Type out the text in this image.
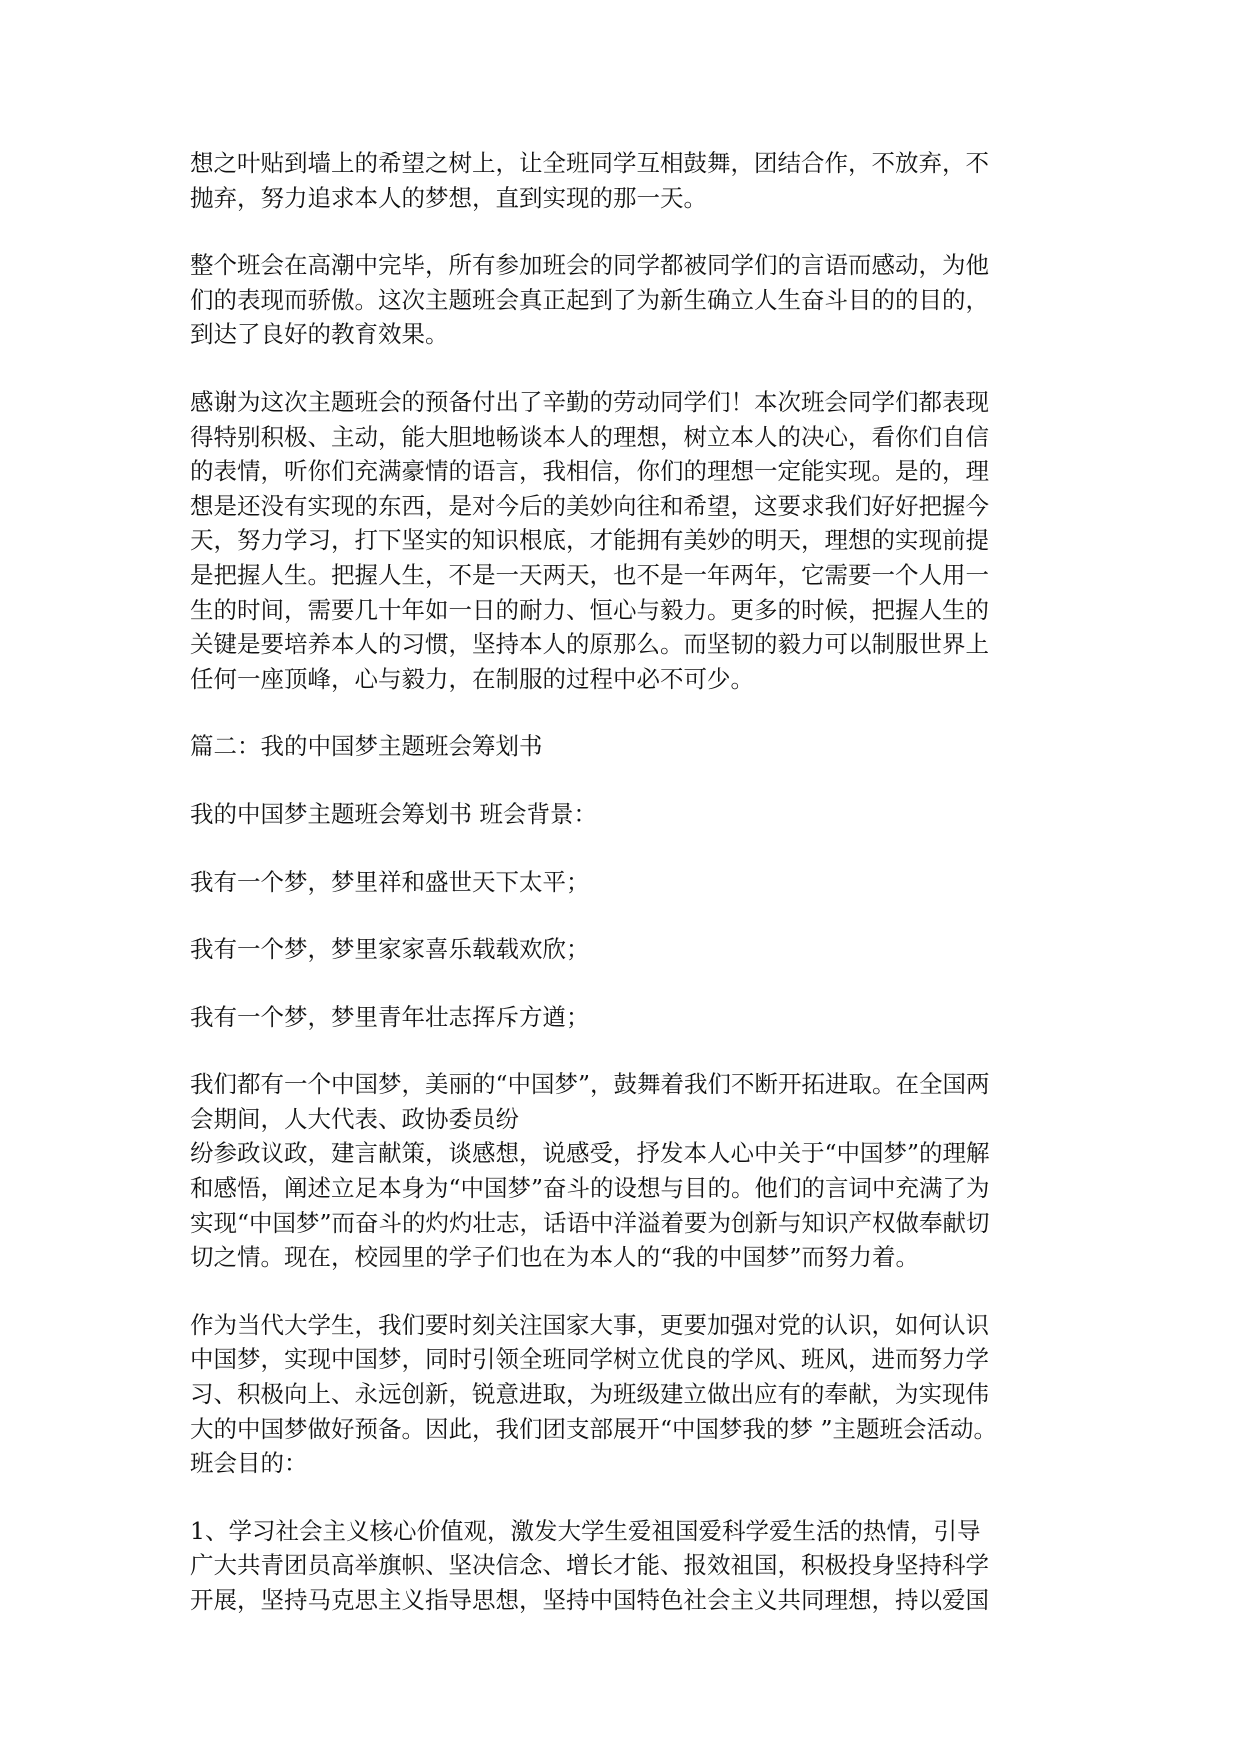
想之叶贴到墙上的希望之树上，让全班同学互相鼓舞，团结合作，不放弃，不
抛弃，努力追求本人的梦想，直到实现的那一天。

整个班会在高潮中完毕，所有参加班会的同学都被同学们的言语而感动，为他
们的表现而骄傲。这次主题班会真正起到了为新生确立人生奋斗目的的目的，
到达了良好的教育效果。

感谢为这次主题班会的预备付出了辛勤的劳动同学们！本次班会同学们都表现
得特别积极、主动，能大胆地畅谈本人的理想，树立本人的决心，看你们自信
的表情，听你们充满豪情的语言，我相信，你们的理想一定能实现。是的，理
想是还没有实现的东西，是对今后的美妙向往和希望，这要求我们好好把握今
天，努力学习，打下坚实的知识根底，才能拥有美妙的明天，理想的实现前提
是把握人生。把握人生，不是一天两天，也不是一年两年，它需要一个人用一
生的时间，需要几十年如一日的耐力、恒心与毅力。更多的时候，把握人生的
关键是要培养本人的习惯，坚持本人的原那么。而坚韧的毅力可以制服世界上
任何一座顶峰，心与毅力，在制服的过程中必不可少。

篇二：我的中国梦主题班会筹划书

我的中国梦主题班会筹划书 班会背景：

我有一个梦，梦里祥和盛世天下太平；

我有一个梦，梦里家家喜乐载载欢欣；

我有一个梦，梦里青年壮志挥斥方遒；

我们都有一个中国梦，美丽的“中国梦”，鼓舞着我们不断开拓进取。在全国两
会期间，人大代表、政协委员纷
纷参政议政，建言献策，谈感想，说感受，抒发本人心中关于“中国梦”的理解
和感悟，阐述立足本身为“中国梦”奋斗的设想与目的。他们的言词中充满了为
实现“中国梦”而奋斗的灼灼壮志，话语中洋溢着要为创新与知识产权做奉献切
切之情。现在，校园里的学子们也在为本人的“我的中国梦”而努力着。

作为当代大学生，我们要时刻关注国家大事，更要加强对党的认识，如何认识
中国梦，实现中国梦，同时引领全班同学树立优良的学风、班风，进而努力学
习、积极向上、永远创新，锐意进取，为班级建立做出应有的奉献，为实现伟
大的中国梦做好预备。因此，我们团支部展开“中国梦我的梦 ”主题班会活动。
班会目的：

1、学习社会主义核心价值观，激发大学生爱祖国爱科学爱生活的热情，引导
广大共青团员高举旗帜、坚决信念、增长才能、报效祖国，积极投身坚持科学
开展，坚持马克思主义指导思想，坚持中国特色社会主义共同理想，持以爱国
